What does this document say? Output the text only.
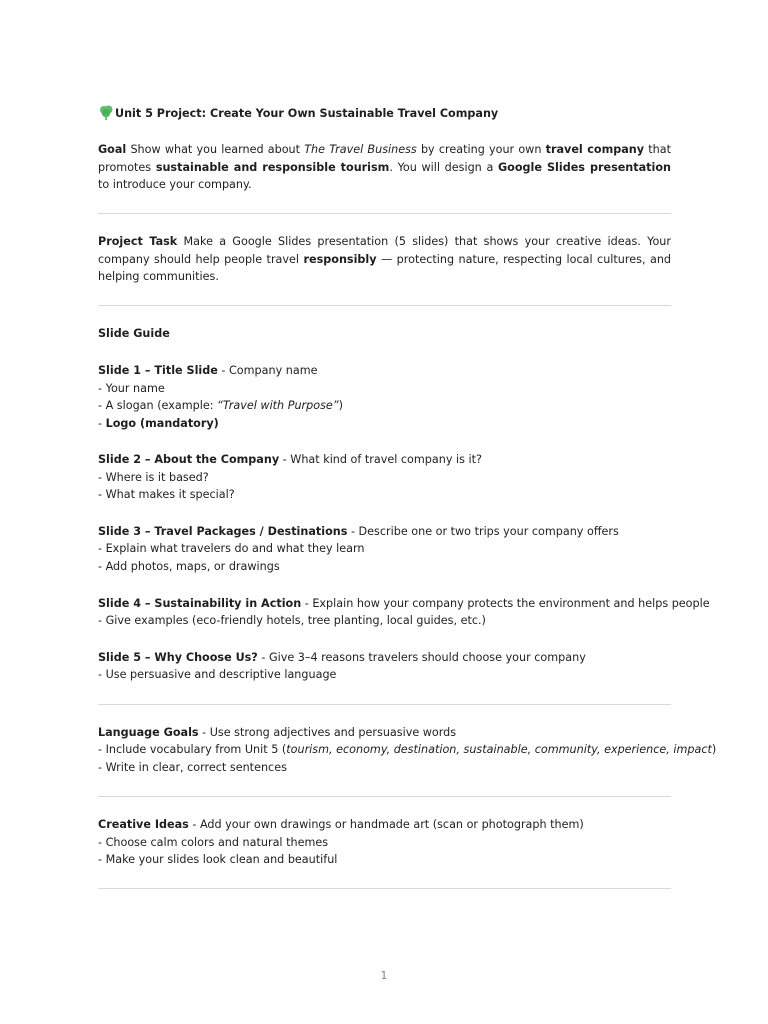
Unit 5 Project: Create Your Own Sustainable Travel Company

Goal Show what you learned about The Travel Business by creating your own travel company that promotes sustainable and responsible tourism. You will design a Google Slides presentation to introduce your company.

Project Task Make a Google Slides presentation (5 slides) that shows your creative ideas. Your company should help people travel responsibly — protecting nature, respecting local cultures, and helping communities.

Slide Guide

Slide 1 – Title Slide - Company name

- Your name

- A slogan (example: “Travel with Purpose”)

- Logo (mandatory)

Slide 2 – About the Company - What kind of travel company is it?

- Where is it based?

- What makes it special?

Slide 3 – Travel Packages / Destinations - Describe one or two trips your company offers

- Explain what travelers do and what they learn

- Add photos, maps, or drawings

Slide 4 – Sustainability in Action - Explain how your company protects the environment and helps people

- Give examples (eco-friendly hotels, tree planting, local guides, etc.)

Slide 5 – Why Choose Us? - Give 3–4 reasons travelers should choose your company

- Use persuasive and descriptive language

Language Goals - Use strong adjectives and persuasive words

- Include vocabulary from Unit 5 (tourism, economy, destination, sustainable, community, experience, impact)

- Write in clear, correct sentences

Creative Ideas - Add your own drawings or handmade art (scan or photograph them)

- Choose calm colors and natural themes

- Make your slides look clean and beautiful

1
